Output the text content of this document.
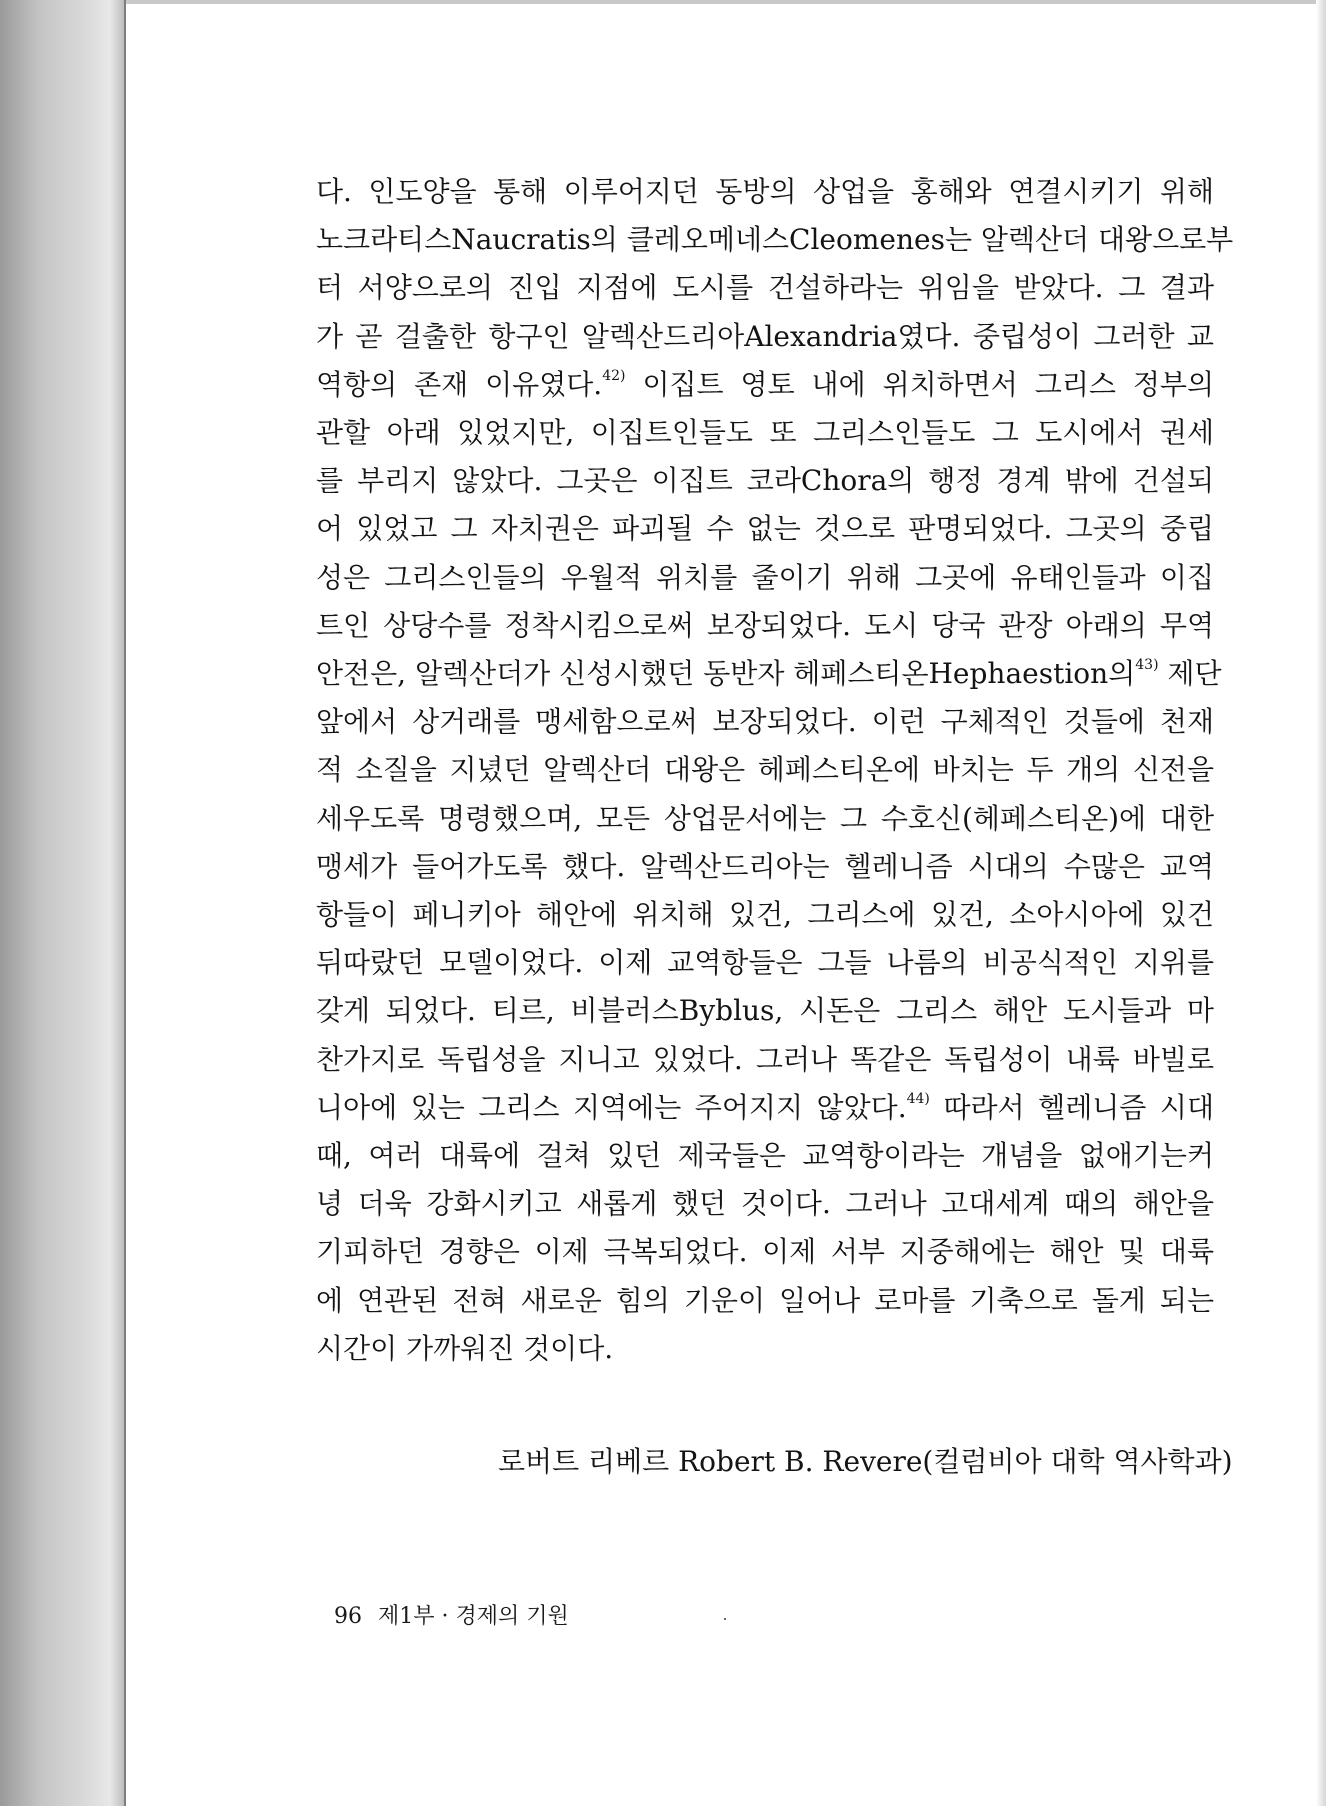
다. 인도양을 통해 이루어지던 동방의 상업을 홍해와 연결시키기 위해
노크라티스Naucratis의 클레오메네스Cleomenes는 알렉산더 대왕으로부
터 서양으로의 진입 지점에 도시를 건설하라는 위임을 받았다. 그 결과
가 곧 걸출한 항구인 알렉산드리아Alexandria였다. 중립성이 그러한 교
역항의 존재 이유였다.$^{42)}$ 이집트 영토 내에 위치하면서 그리스 정부의
관할 아래 있었지만, 이집트인들도 또 그리스인들도 그 도시에서 권세
를 부리지 않았다. 그곳은 이집트 코라Chora의 행정 경계 밖에 건설되
어 있었고 그 자치권은 파괴될 수 없는 것으로 판명되었다. 그곳의 중립
성은 그리스인들의 우월적 위치를 줄이기 위해 그곳에 유태인들과 이집
트인 상당수를 정착시킴으로써 보장되었다. 도시 당국 관장 아래의 무역
안전은, 알렉산더가 신성시했던 동반자 헤페스티온Hephaestion의$^{43)}$ 제단
앞에서 상거래를 맹세함으로써 보장되었다. 이런 구체적인 것들에 천재
적 소질을 지녔던 알렉산더 대왕은 헤페스티온에 바치는 두 개의 신전을
세우도록 명령했으며, 모든 상업문서에는 그 수호신(헤페스티온)에 대한
맹세가 들어가도록 했다. 알렉산드리아는 헬레니즘 시대의 수많은 교역
항들이 페니키아 해안에 위치해 있건, 그리스에 있건, 소아시아에 있건
뒤따랐던 모델이었다. 이제 교역항들은 그들 나름의 비공식적인 지위를
갖게 되었다. 티르, 비블러스Byblus, 시돈은 그리스 해안 도시들과 마
찬가지로 독립성을 지니고 있었다. 그러나 똑같은 독립성이 내륙 바빌로
니아에 있는 그리스 지역에는 주어지지 않았다.$^{44)}$ 따라서 헬레니즘 시대
때, 여러 대륙에 걸쳐 있던 제국들은 교역항이라는 개념을 없애기는커
녕 더욱 강화시키고 새롭게 했던 것이다. 그러나 고대세계 때의 해안을
기피하던 경향은 이제 극복되었다. 이제 서부 지중해에는 해안 및 대륙
에 연관된 전혀 새로운 힘의 기운이 일어나 로마를 기축으로 돌게 되는
시간이 가까워진 것이다.

로버트 리베르 Robert B. Revere(컬럼비아 대학 역사학과)

96 제1부 · 경제의 기원
